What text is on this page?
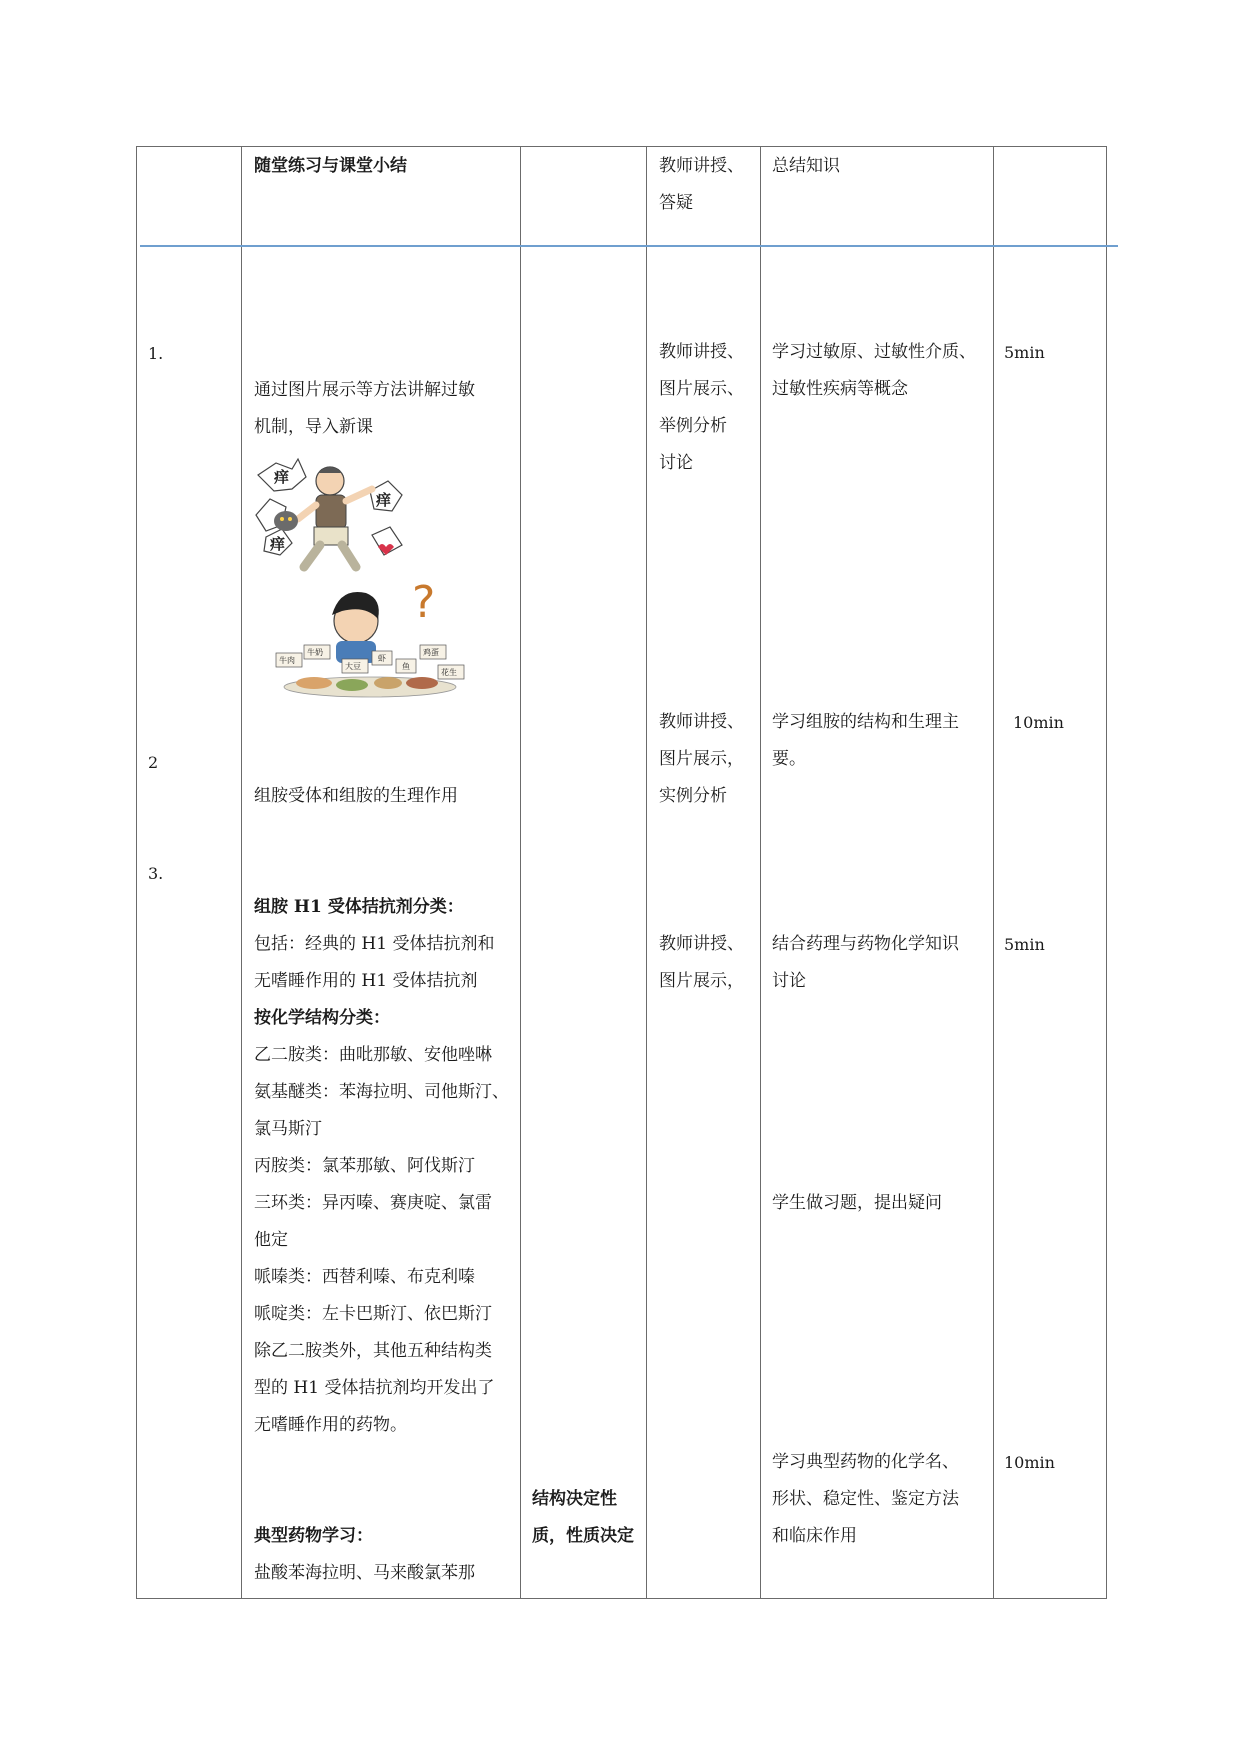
随堂练习与课堂小结	教师讲授、
答疑
总结知识
1.
通过图片展示等方法讲解过敏
机制，导入新课
教师讲授、
图片展示、
举例分析
讨论
学习过敏原、过敏性介质、
过敏性疾病等概念
5min
痒
痒
痒
?
牛肉
牛奶
大豆
虾
鱼
鸡蛋
花生
2
组胺受体和组胺的生理作用
教师讲授、
图片展示，
实例分析
学习组胺的结构和生理主
要。
10min
3.
组胺 H1 受体拮抗剂分类：
包括：经典的 H1 受体拮抗剂和
无嗜睡作用的 H1 受体拮抗剂
按化学结构分类：
乙二胺类：曲吡那敏、安他唑啉
氨基醚类：苯海拉明、司他斯汀、
氯马斯汀
丙胺类：氯苯那敏、阿伐斯汀
三环类：异丙嗪、赛庚啶、氯雷
他定
哌嗪类：西替利嗪、布克利嗪
哌啶类：左卡巴斯汀、依巴斯汀
除乙二胺类外，其他五种结构类
型的 H1 受体拮抗剂均开发出了
无嗜睡作用的药物。
教师讲授、
图片展示，
结合药理与药物化学知识
讨论
学生做习题，提出疑问
5min
典型药物学习：
盐酸苯海拉明、马来酸氯苯那
结构决定性
质，性质决定
学习典型药物的化学名、
形状、稳定性、鉴定方法
和临床作用
10min
